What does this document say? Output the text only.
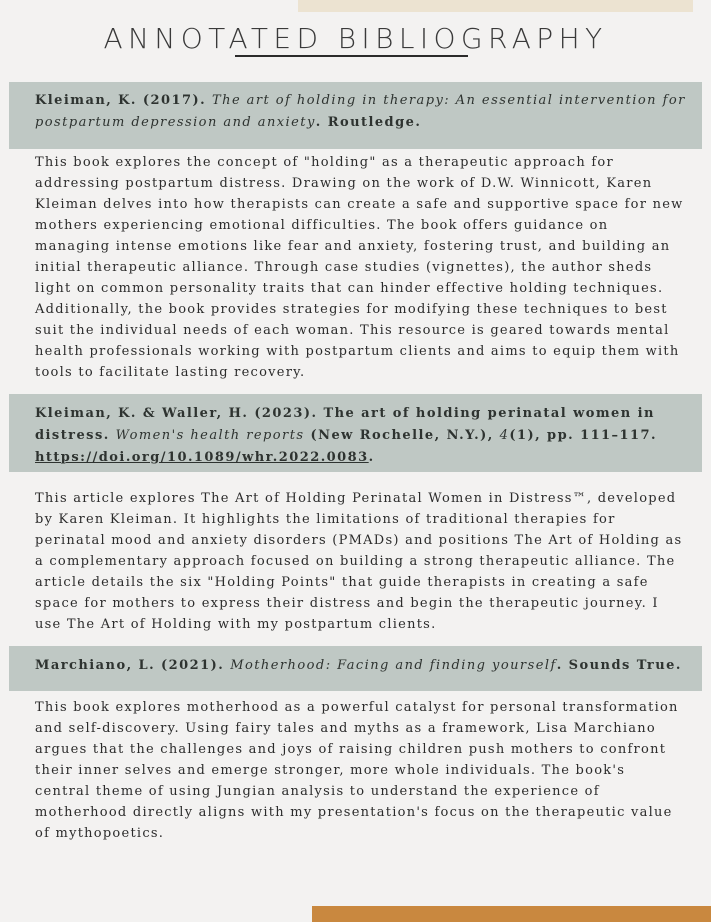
ANNOTATED BIBLIOGRAPHY

Kleiman, K. (2017). The art of holding in therapy: An essential intervention for postpartum depression and anxiety. Routledge.

This book explores the concept of "holding" as a therapeutic approach for addressing postpartum distress. Drawing on the work of D.W. Winnicott, Karen Kleiman delves into how therapists can create a safe and supportive space for new mothers experiencing emotional difficulties. The book offers guidance on managing intense emotions like fear and anxiety, fostering trust, and building an initial therapeutic alliance. Through case studies (vignettes), the author sheds light on common personality traits that can hinder effective holding techniques. Additionally, the book provides strategies for modifying these techniques to best suit the individual needs of each woman. This resource is geared towards mental health professionals working with postpartum clients and aims to equip them with tools to facilitate lasting recovery.

Kleiman, K. & Waller, H. (2023). The art of holding perinatal women in distress. Women's health reports (New Rochelle, N.Y.), 4(1), pp. 111–117. https://doi.org/10.1089/whr.2022.0083.

This article explores The Art of Holding Perinatal Women in Distress™, developed by Karen Kleiman. It highlights the limitations of traditional therapies for perinatal mood and anxiety disorders (PMADs) and positions The Art of Holding as a complementary approach focused on building a strong therapeutic alliance. The article details the six "Holding Points" that guide therapists in creating a safe space for mothers to express their distress and begin the therapeutic journey. I use The Art of Holding with my postpartum clients.

Marchiano, L. (2021). Motherhood: Facing and finding yourself. Sounds True.

This book explores motherhood as a powerful catalyst for personal transformation and self-discovery. Using fairy tales and myths as a framework, Lisa Marchiano argues that the challenges and joys of raising children push mothers to confront their inner selves and emerge stronger, more whole individuals. The book's central theme of using Jungian analysis to understand the experience of motherhood directly aligns with my presentation's focus on the therapeutic value of mythopoetics.
